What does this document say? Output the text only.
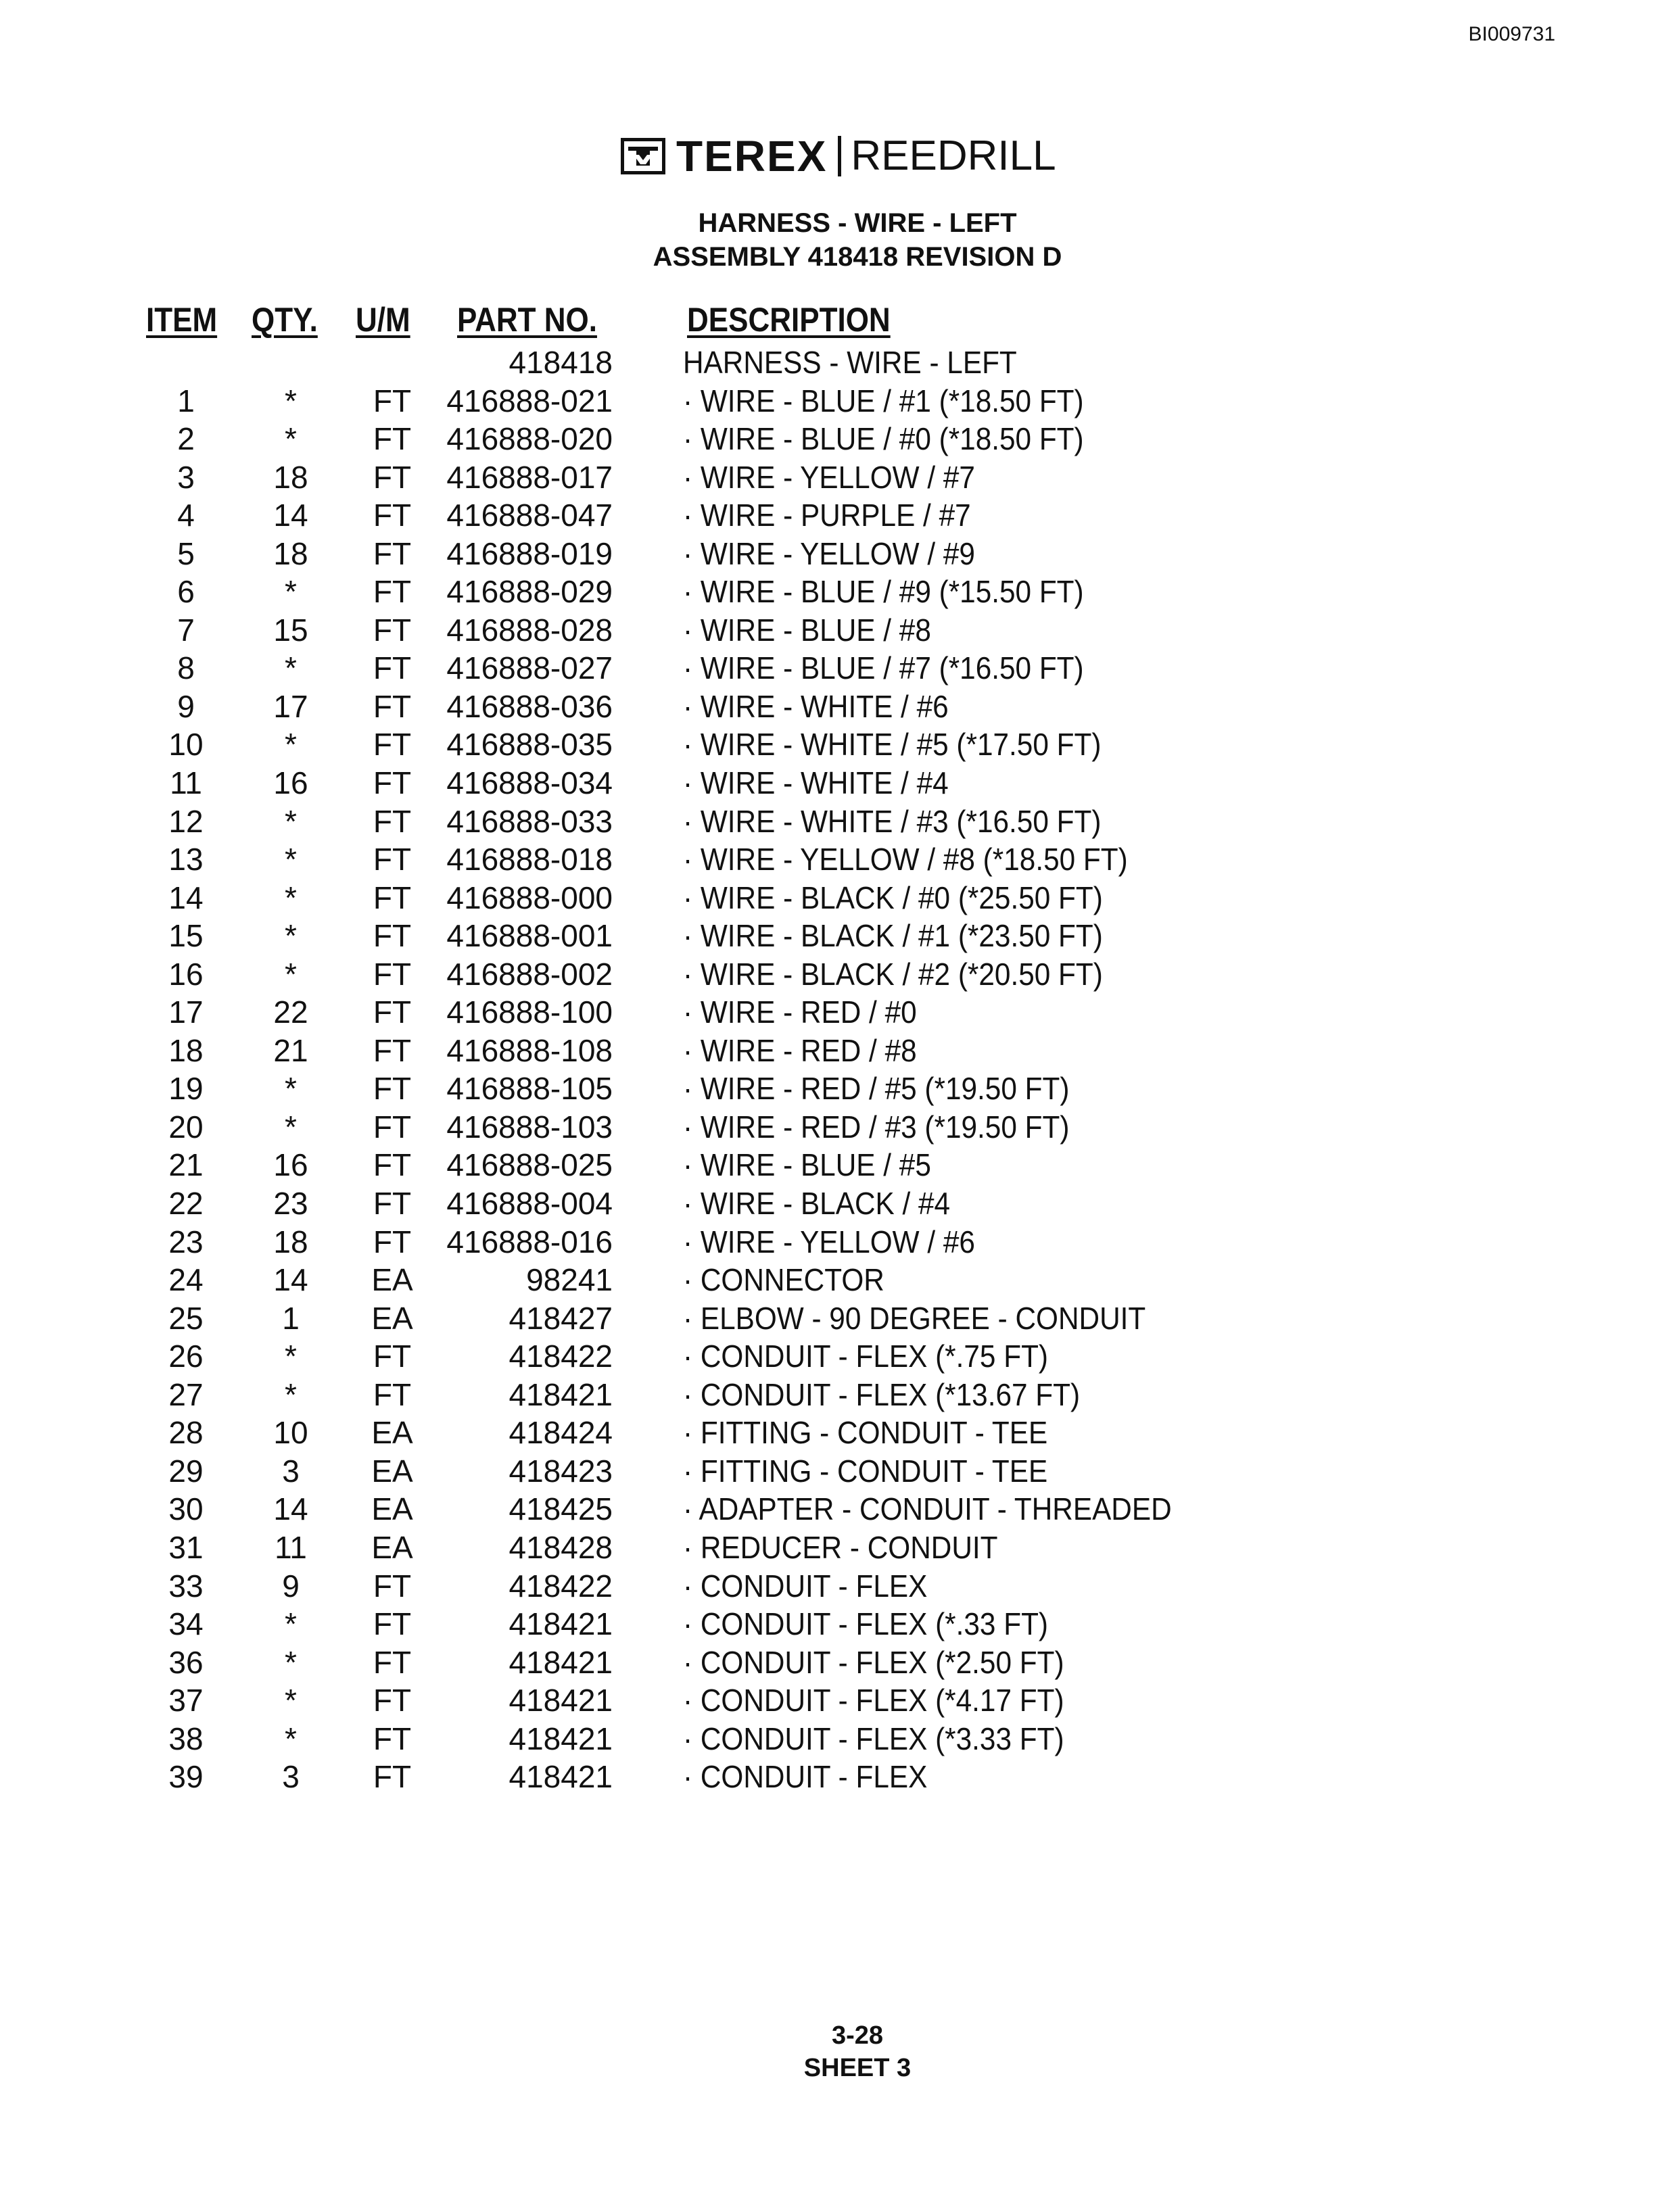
BI009731
TEREX REEDRILL
HARNESS - WIRE - LEFT
ASSEMBLY 418418 REVISION D
ITEM QTY. U/M PART NO.	DESCRIPTION
418418 HARNESS - WIRE - LEFT
1	*	FT	416888-021 · WIRE - BLUE / #1 (*18.50 FT)
2	*	FT	416888-020 · WIRE - BLUE / #0 (*18.50 FT)
3	18	FT	416888-017 · WIRE - YELLOW / #7
4	14	FT	416888-047 · WIRE - PURPLE / #7
5	18	FT	416888-019 · WIRE - YELLOW / #9
6	*	FT	416888-029 · WIRE - BLUE / #9 (*15.50 FT)
7	15	FT	416888-028 · WIRE - BLUE / #8
8	*	FT	416888-027 · WIRE - BLUE / #7 (*16.50 FT)
9	17	FT	416888-036 · WIRE - WHITE / #6
10	*	FT	416888-035 · WIRE - WHITE / #5 (*17.50 FT)
11	16	FT	416888-034 · WIRE - WHITE / #4
12	*	FT	416888-033 · WIRE - WHITE / #3 (*16.50 FT)
13	*	FT	416888-018 · WIRE - YELLOW / #8 (*18.50 FT)
14	*	FT	416888-000 · WIRE - BLACK / #0 (*25.50 FT)
15	*	FT	416888-001 · WIRE - BLACK / #1 (*23.50 FT)
16	*	FT	416888-002 · WIRE - BLACK / #2 (*20.50 FT)
17	22	FT	416888-100 · WIRE - RED / #0
18	21	FT	416888-108 · WIRE - RED / #8
19	*	FT	416888-105 · WIRE - RED / #5 (*19.50 FT)
20	*	FT	416888-103 · WIRE - RED / #3 (*19.50 FT)
21	16	FT	416888-025 · WIRE - BLUE / #5
22	23	FT	416888-004 · WIRE - BLACK / #4
23	18	FT	416888-016 · WIRE - YELLOW / #6
24	14	EA	98241 · CONNECTOR
25	1	EA	418427 · ELBOW - 90 DEGREE - CONDUIT
26	*	FT	418422 · CONDUIT - FLEX (*.75 FT)
27	*	FT	418421 · CONDUIT - FLEX (*13.67 FT)
28	10	EA	418424 · FITTING - CONDUIT - TEE
29	3	EA	418423 · FITTING - CONDUIT - TEE
30	14	EA	418425 · ADAPTER - CONDUIT - THREADED
31	11	EA	418428 · REDUCER - CONDUIT
33	9	FT	418422 · CONDUIT - FLEX
34	*	FT	418421 · CONDUIT - FLEX (*.33 FT)
36	*	FT	418421 · CONDUIT - FLEX (*2.50 FT)
37	*	FT	418421 · CONDUIT - FLEX (*4.17 FT)
38	*	FT	418421 · CONDUIT - FLEX (*3.33 FT)
39	3	FT	418421 · CONDUIT - FLEX
3-28
SHEET 3
